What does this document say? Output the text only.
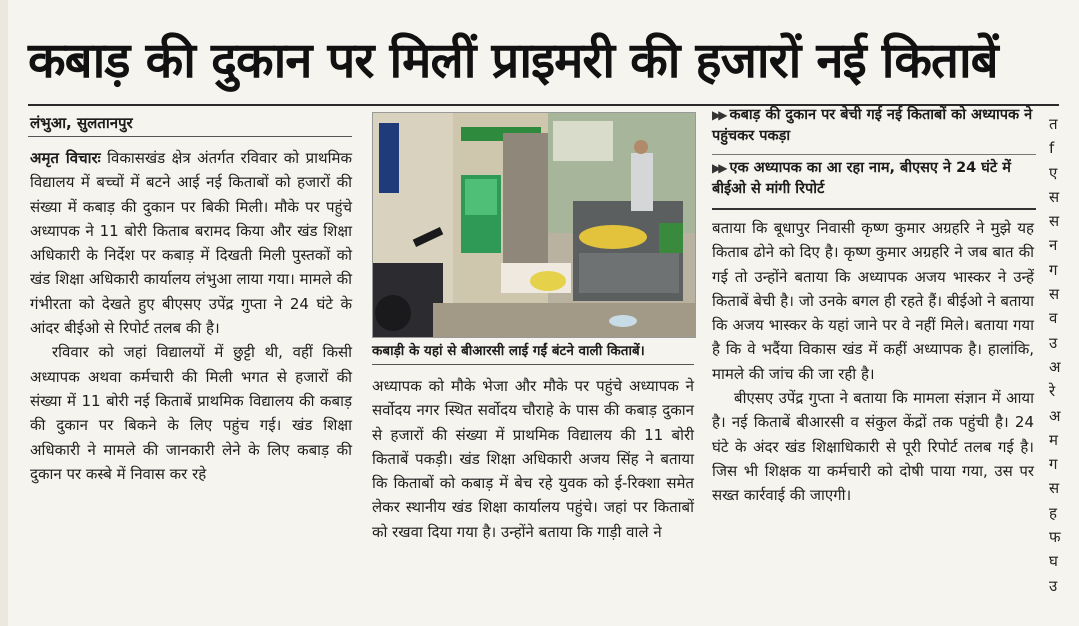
कबाड़ की दुकान पर मिलीं प्राइमरी की हजारों नई किताबें
लंभुआ, सुलतानपुर

अमृत विचारः विकासखंड क्षेत्र अंतर्गत रविवार को प्राथमिक विद्यालय में बच्चों में बटने आई नई किताबों को हजारों की संख्या में कबाड़ की दुकान पर बिकी मिली। मौके पर पहुंचे अध्यापक ने 11 बोरी किताब बरामद किया और खंड शिक्षा अधिकारी के निर्देश पर कबाड़ में दिखती मिली पुस्तकों को खंड शिक्षा अधिकारी कार्यालय लंभुआ लाया गया। मामले की गंभीरता को देखते हुए बीएसए उपेंद्र गुप्ता ने 24 घंटे के आंदर बीईओ से रिपोर्ट तलब की है।

रविवार को जहां विद्यालयों में छुट्टी थी, वहीं किसी अध्यापक अथवा कर्मचारी की मिली भगत से हजारों की संख्या में 11 बोरी नई किताबें प्राथमिक विद्यालय की कबाड़ की दुकान पर बिकने के लिए पहुंच गई। खंड शिक्षा अधिकारी ने मामले की जानकारी लेने के लिए कबाड़ की दुकान पर कस्बे में निवास कर रहे

कबाड़ी के यहां से बीआरसी लाई गईं बंटने वाली किताबें।

अध्यापक को मौके भेजा और मौके पर पहुंचे अध्यापक ने सर्वोदय नगर स्थित सर्वोदय चौराहे के पास की कबाड़ दुकान से हजारों की संख्या में प्राथमिक विद्यालय की 11 बोरी किताबें पकड़ी। खंड शिक्षा अधिकारी अजय सिंह ने बताया कि किताबों को कबाड़ में बेच रहे युवक को ई-रिक्शा समेत लेकर स्थानीय खंड शिक्षा कार्यालय पहुंचे। जहां पर किताबों को रखवा दिया गया है। उन्होंने बताया कि गाड़ी वाले ने

▶▶ कबाड़ की दुकान पर बेची गई नई किताबों को अध्यापक ने पहुंचकर पकड़ा
▶▶ एक अध्यापक का आ रहा नाम, बीएसए ने 24 घंटे में बीईओ से मांगी रिपोर्ट

बताया कि बूधापुर निवासी कृष्ण कुमार अग्रहरि ने मुझे यह किताब ढोने को दिए है। कृष्ण कुमार अग्रहरि ने जब बात की गई तो उन्होंने बताया कि अध्यापक अजय भास्कर ने उन्हें किताबें बेची है। जो उनके बगल ही रहते हैं। बीईओ ने बताया कि अजय भास्कर के यहां जाने पर वे नहीं मिले। बताया गया है कि वे भदैंया विकास खंड में कहीं अध्यापक है। हालांकि, मामले की जांच की जा रही है।

बीएसए उपेंद्र गुप्ता ने बताया कि मामला संज्ञान में आया है। नई किताबें बीआरसी व संकुल केंद्रों तक पहुंची है। 24 घंटे के अंदर खंड शिक्षाधिकारी से पूरी रिपोर्ट तलब गई है। जिस भी शिक्षक या कर्मचारी को दोषी पाया गया, उस पर सख्त कार्रवाई की जाएगी।

त
f
ए
स
स
न
ग
स
व
उ
अ
रे
अ
म
ग
स
ह
फ
घ
उ
